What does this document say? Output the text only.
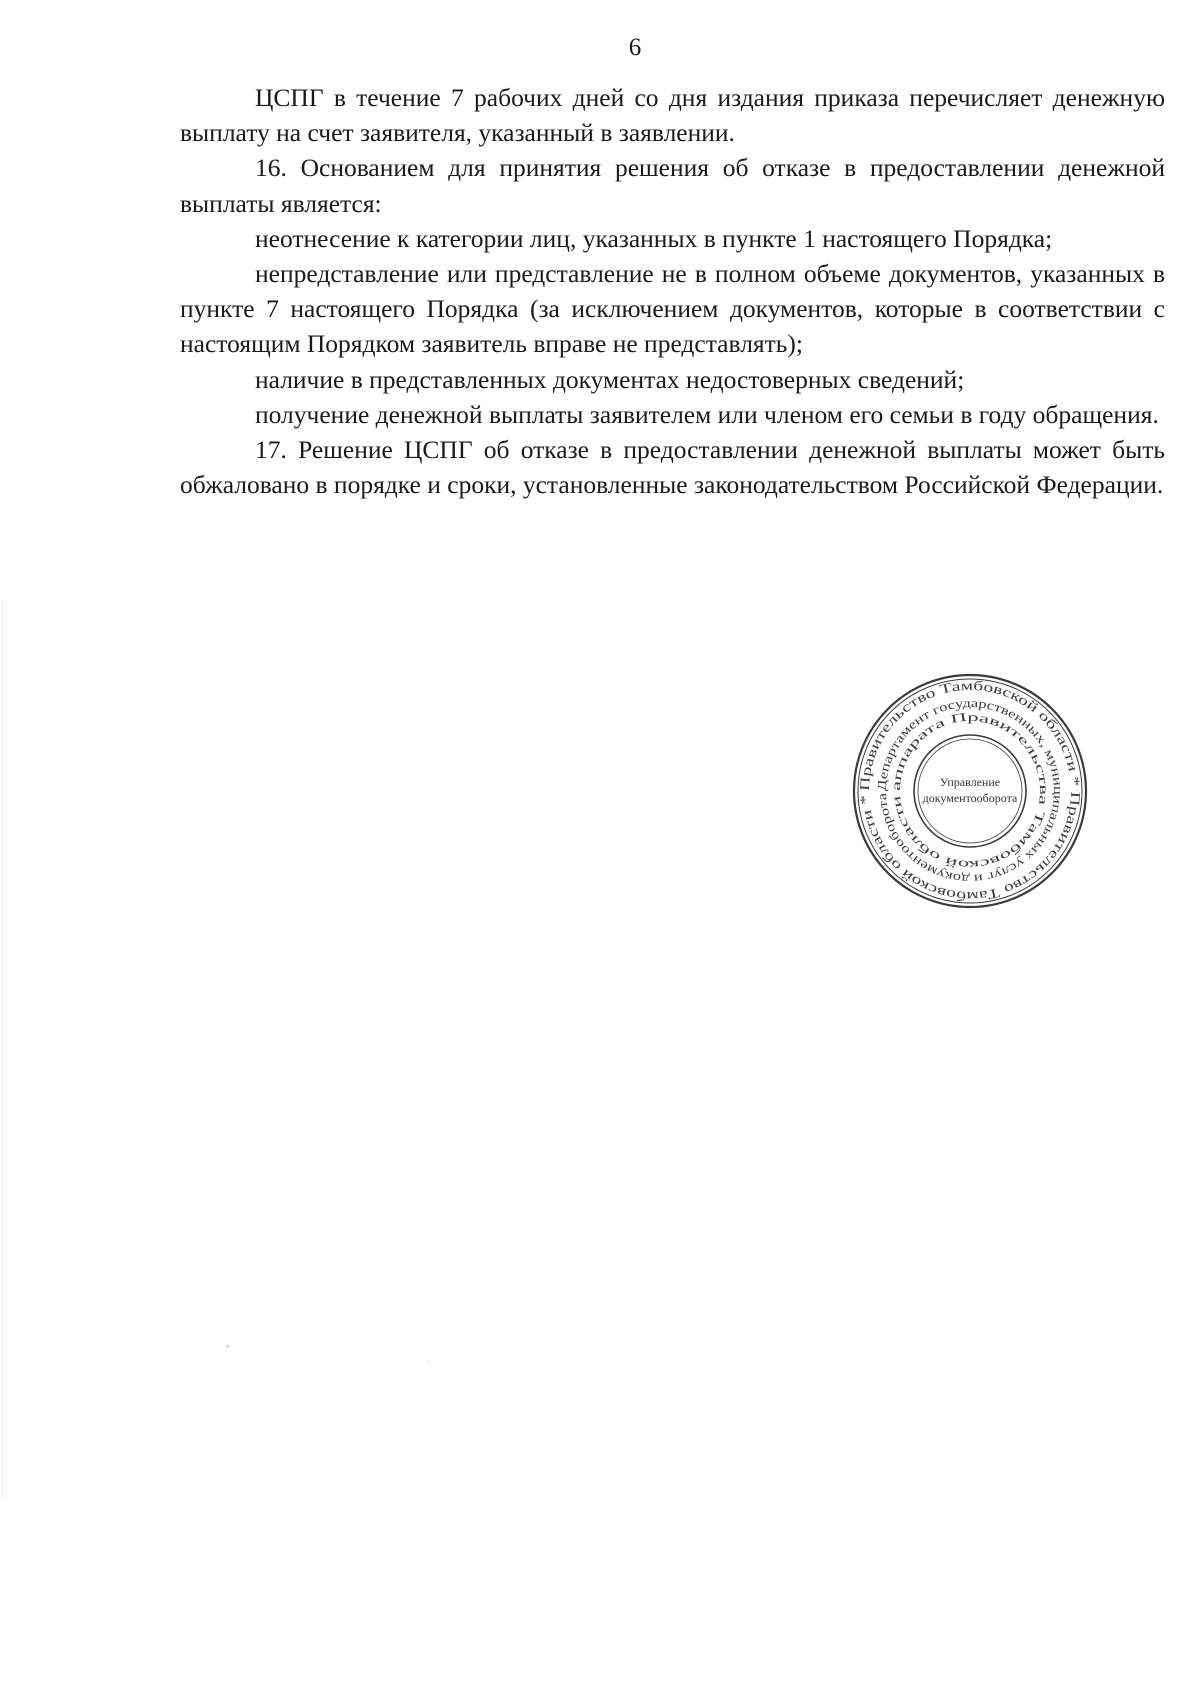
6

ЦСПГ в течение 7 рабочих дней со дня издания приказа перечисляет денежную выплату на счет заявителя, указанный в заявлении.

16. Основанием для принятия решения об отказе в предоставлении денежной выплаты является:

неотнесение к категории лиц, указанных в пункте 1 настоящего Порядка;

непредставление или представление не в полном объеме документов, указанных в пункте 7 настоящего Порядка (за исключением документов, которые в соответствии с настоящим Порядком заявитель вправе не представлять);

наличие в представленных документах недостоверных сведений;

получение денежной выплаты заявителем или членом его семьи в году обращения.

17. Решение ЦСПГ об отказе в предоставлении денежной выплаты может быть обжаловано в порядке и сроки, установленные законодательством Российской Федерации.

Правительство Тамбовской области * Правительство Тамбовской области *
Департамент государственных, муниципальных услуг и документооборота
аппарата Правительства Тамбовской области
Управление
документооборота
